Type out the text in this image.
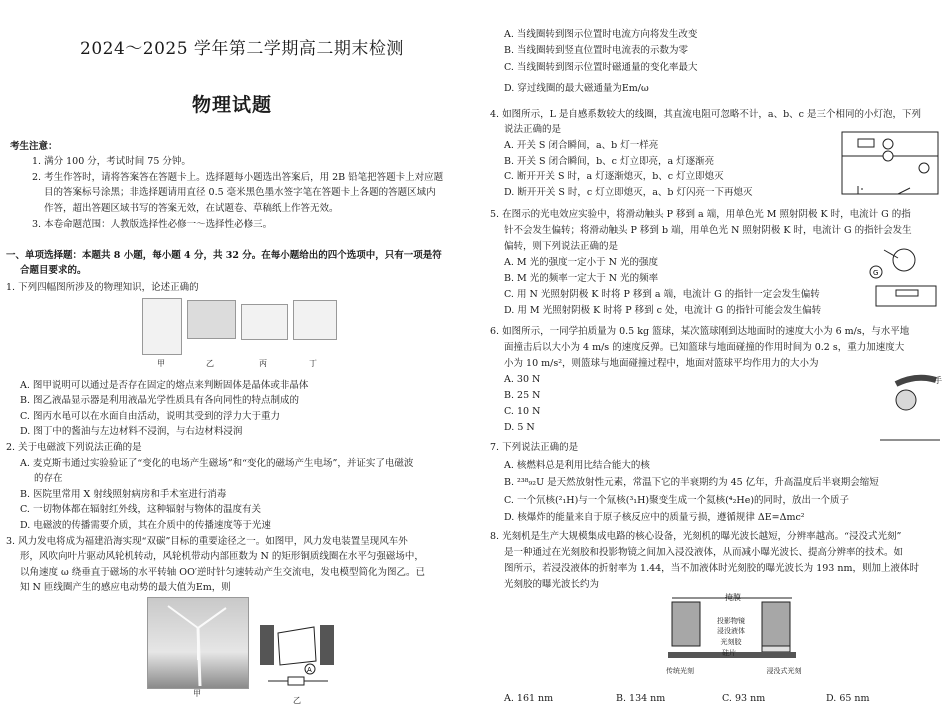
2024～2025 学年第二学期高二期末检测
物理试题
考生注意：
1. 满分 100 分，考试时间 75 分钟。
2. 考生作答时，请将答案答在答题卡上。选择题每小题选出答案后，用 2B 铅笔把答题卡上对应题
目的答案标号涂黑；非选择题请用直径 0.5 毫米黑色墨水签字笔在答题卡上各题的答题区域内
作答，超出答题区域书写的答案无效，在试题卷、草稿纸上作答无效。
3. 本卷命题范围：人教版选择性必修一～选择性必修三。
一、单项选择题：本题共 8 小题，每小题 4 分，共 32 分。在每小题给出的四个选项中，只有一项是符
合题目要求的。
1. 下列四幅图所涉及的物理知识，论述正确的
甲	乙	丙	丁
A. 图甲说明可以通过是否存在固定的熔点来判断固体是晶体或非晶体
B. 图乙液晶显示器是利用液晶光学性质具有各向同性的特点制成的
C. 图丙水黾可以在水面自由活动，说明其受到的浮力大于重力
D. 图丁中的酱油与左边材料不浸润，与右边材料浸润
2. 关于电磁波下列说法正确的是
A. 麦克斯韦通过实验验证了“变化的电场产生磁场”和“变化的磁场产生电场”，并证实了电磁波
的存在
B. 医院里常用 X 射线照射病房和手术室进行消毒
C. 一切物体都在辐射红外线，这种辐射与物体的温度有关
D. 电磁波的传播需要介质，其在介质中的传播速度等于光速
3. 风力发电将成为福建沿海实现“双碳”目标的重要途径之一。如图甲，风力发电装置呈现风车外
形，风吹向叶片驱动风轮机转动，风轮机带动内部匝数为 N 的矩形铜质线圈在水平匀强磁场中，
以角速度 ω 绕垂直于磁场的水平转轴 OO′逆时针匀速转动产生交流电，发电模型简化为图乙。已
知 N 匝线圈产生的感应电动势的最大值为Em，则
甲
A
乙
A. 当线圈转到图示位置时电流方向将发生改变
B. 当线圈转到竖直位置时电流表的示数为零
C. 当线圈转到图示位置时磁通量的变化率最大
D. 穿过线圈的最大磁通量为Em/ω
4. 如图所示，L 是自感系数较大的线圈，其直流电阻可忽略不计，a、b、c 是三个相同的小灯泡，下列
说法正确的是
A. 开关 S 闭合瞬间，a、b 灯一样亮
B. 开关 S 闭合瞬间，b、c 灯立即亮，a 灯逐渐亮
C. 断开开关 S 时，a 灯逐渐熄灭，b、c 灯立即熄灭
D. 断开开关 S 时，c 灯立即熄灭，a、b 灯闪亮一下再熄灭
5. 在图示的光电效应实验中，将滑动触头 P 移到 a 端，用单色光 M 照射阴极 K 时，电流计 G 的指
针不会发生偏转；将滑动触头 P 移到 b 端，用单色光 N 照射阴极 K 时，电流计 G 的指针会发生
偏转，则下列说法正确的是
A. M 光的强度一定小于 N 光的强度
B. M 光的频率一定大于 N 光的频率
C. 用 N 光照射阴极 K 时将 P 移到 a 端，电流计 G 的指针一定会发生偏转
D. 用 M 光照射阴极 K 时将 P 移到 c 处，电流计 G 的指针可能会发生偏转
G
6. 如图所示，一同学拍质量为 0.5 kg 篮球，某次篮球刚到达地面时的速度大小为 6 m/s，与水平地
面撞击后以大小为 4 m/s 的速度反弹。已知篮球与地面碰撞的作用时间为 0.2 s，重力加速度大
小为 10 m/s²，则篮球与地面碰撞过程中，地面对篮球平均作用力的大小为
A. 30 N
B. 25 N
C. 10 N
D. 5 N
手
7. 下列说法正确的是
A. 核燃料总是利用比结合能大的核
B. ²³⁸₉₂U 是天然放射性元素，常温下它的半衰期约为 45 亿年，升高温度后半衰期会缩短
C. 一个氘核(²₁H)与一个氚核(³₁H)聚变生成一个氦核(⁴₂He)的同时，放出一个质子
D. 核爆炸的能量来自于原子核反应中的质量亏损，遵循规律 ΔE=Δmc²
8. 光刻机是生产大规模集成电路的核心设备，光刻机的曝光波长越短，分辨率越高。“浸没式光刻”
是一种通过在光刻胶和投影物镜之间加入浸没液体，从而减小曝光波长、提高分辨率的技术。如
图所示，若浸没液体的折射率为 1.44，当不加液体时光刻胶的曝光波长为 193 nm，则加上液体时
光刻胶的曝光波长约为
掩膜
投影物镜
浸没液体
光刻胶
硅片
传统光刻	浸没式光刻
A. 161 nm	B. 134 nm	C. 93 nm	D. 65 nm
